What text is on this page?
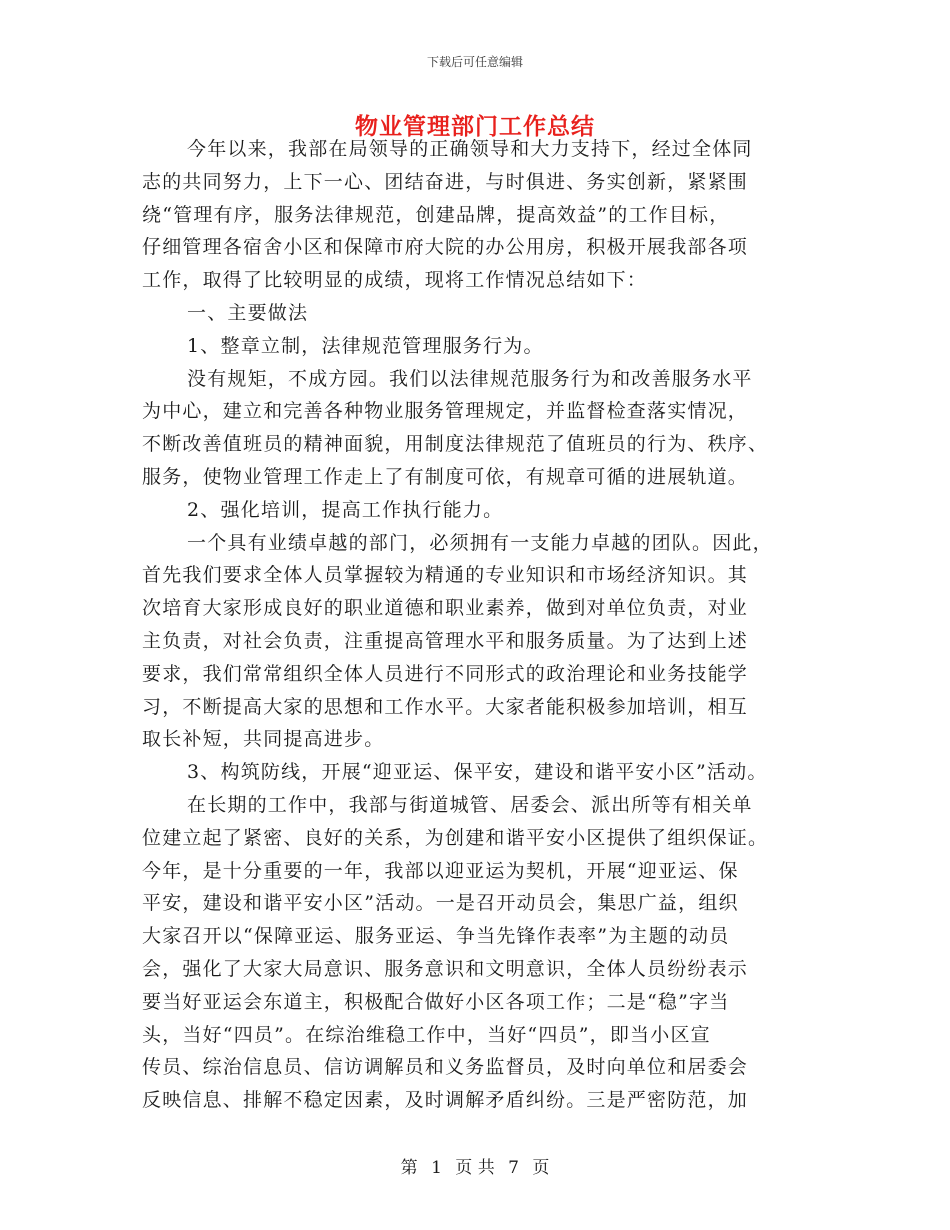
下载后可任意编辑
物业管理部门工作总结
今年以来，我部在局领导的正确领导和大力支持下，经过全体同
志的共同努力，上下一心、团结奋进，与时俱进、务实创新，紧紧围
绕“管理有序，服务法律规范，创建品牌，提高效益”的工作目标，
仔细管理各宿舍小区和保障市府大院的办公用房，积极开展我部各项
工作，取得了比较明显的成绩，现将工作情况总结如下：
一、主要做法
1、整章立制，法律规范管理服务行为。
没有规矩，不成方园。我们以法律规范服务行为和改善服务水平
为中心，建立和完善各种物业服务管理规定，并监督检查落实情况，
不断改善值班员的精神面貌，用制度法律规范了值班员的行为、秩序、
服务，使物业管理工作走上了有制度可依，有规章可循的进展轨道。
2、强化培训，提高工作执行能力。
一个具有业绩卓越的部门，必须拥有一支能力卓越的团队。因此，
首先我们要求全体人员掌握较为精通的专业知识和市场经济知识。其
次培育大家形成良好的职业道德和职业素养，做到对单位负责，对业
主负责，对社会负责，注重提高管理水平和服务质量。为了达到上述
要求，我们常常组织全体人员进行不同形式的政治理论和业务技能学
习，不断提高大家的思想和工作水平。大家者能积极参加培训，相互
取长补短，共同提高进步。
3、构筑防线，开展“迎亚运、保平安，建设和谐平安小区”活动。
在长期的工作中，我部与街道城管、居委会、派出所等有相关单
位建立起了紧密、良好的关系，为创建和谐平安小区提供了组织保证。
今年，是十分重要的一年，我部以迎亚运为契机，开展“迎亚运、保
平安，建设和谐平安小区”活动。一是召开动员会，集思广益，组织
大家召开以“保障亚运、服务亚运、争当先锋作表率”为主题的动员
会，强化了大家大局意识、服务意识和文明意识，全体人员纷纷表示
要当好亚运会东道主，积极配合做好小区各项工作；二是“稳”字当
头，当好“四员”。在综治维稳工作中，当好“四员”，即当小区宣
传员、综治信息员、信访调解员和义务监督员，及时向单位和居委会
反映信息、排解不稳定因素，及时调解矛盾纠纷。三是严密防范，加
第 1 页 共 7 页
